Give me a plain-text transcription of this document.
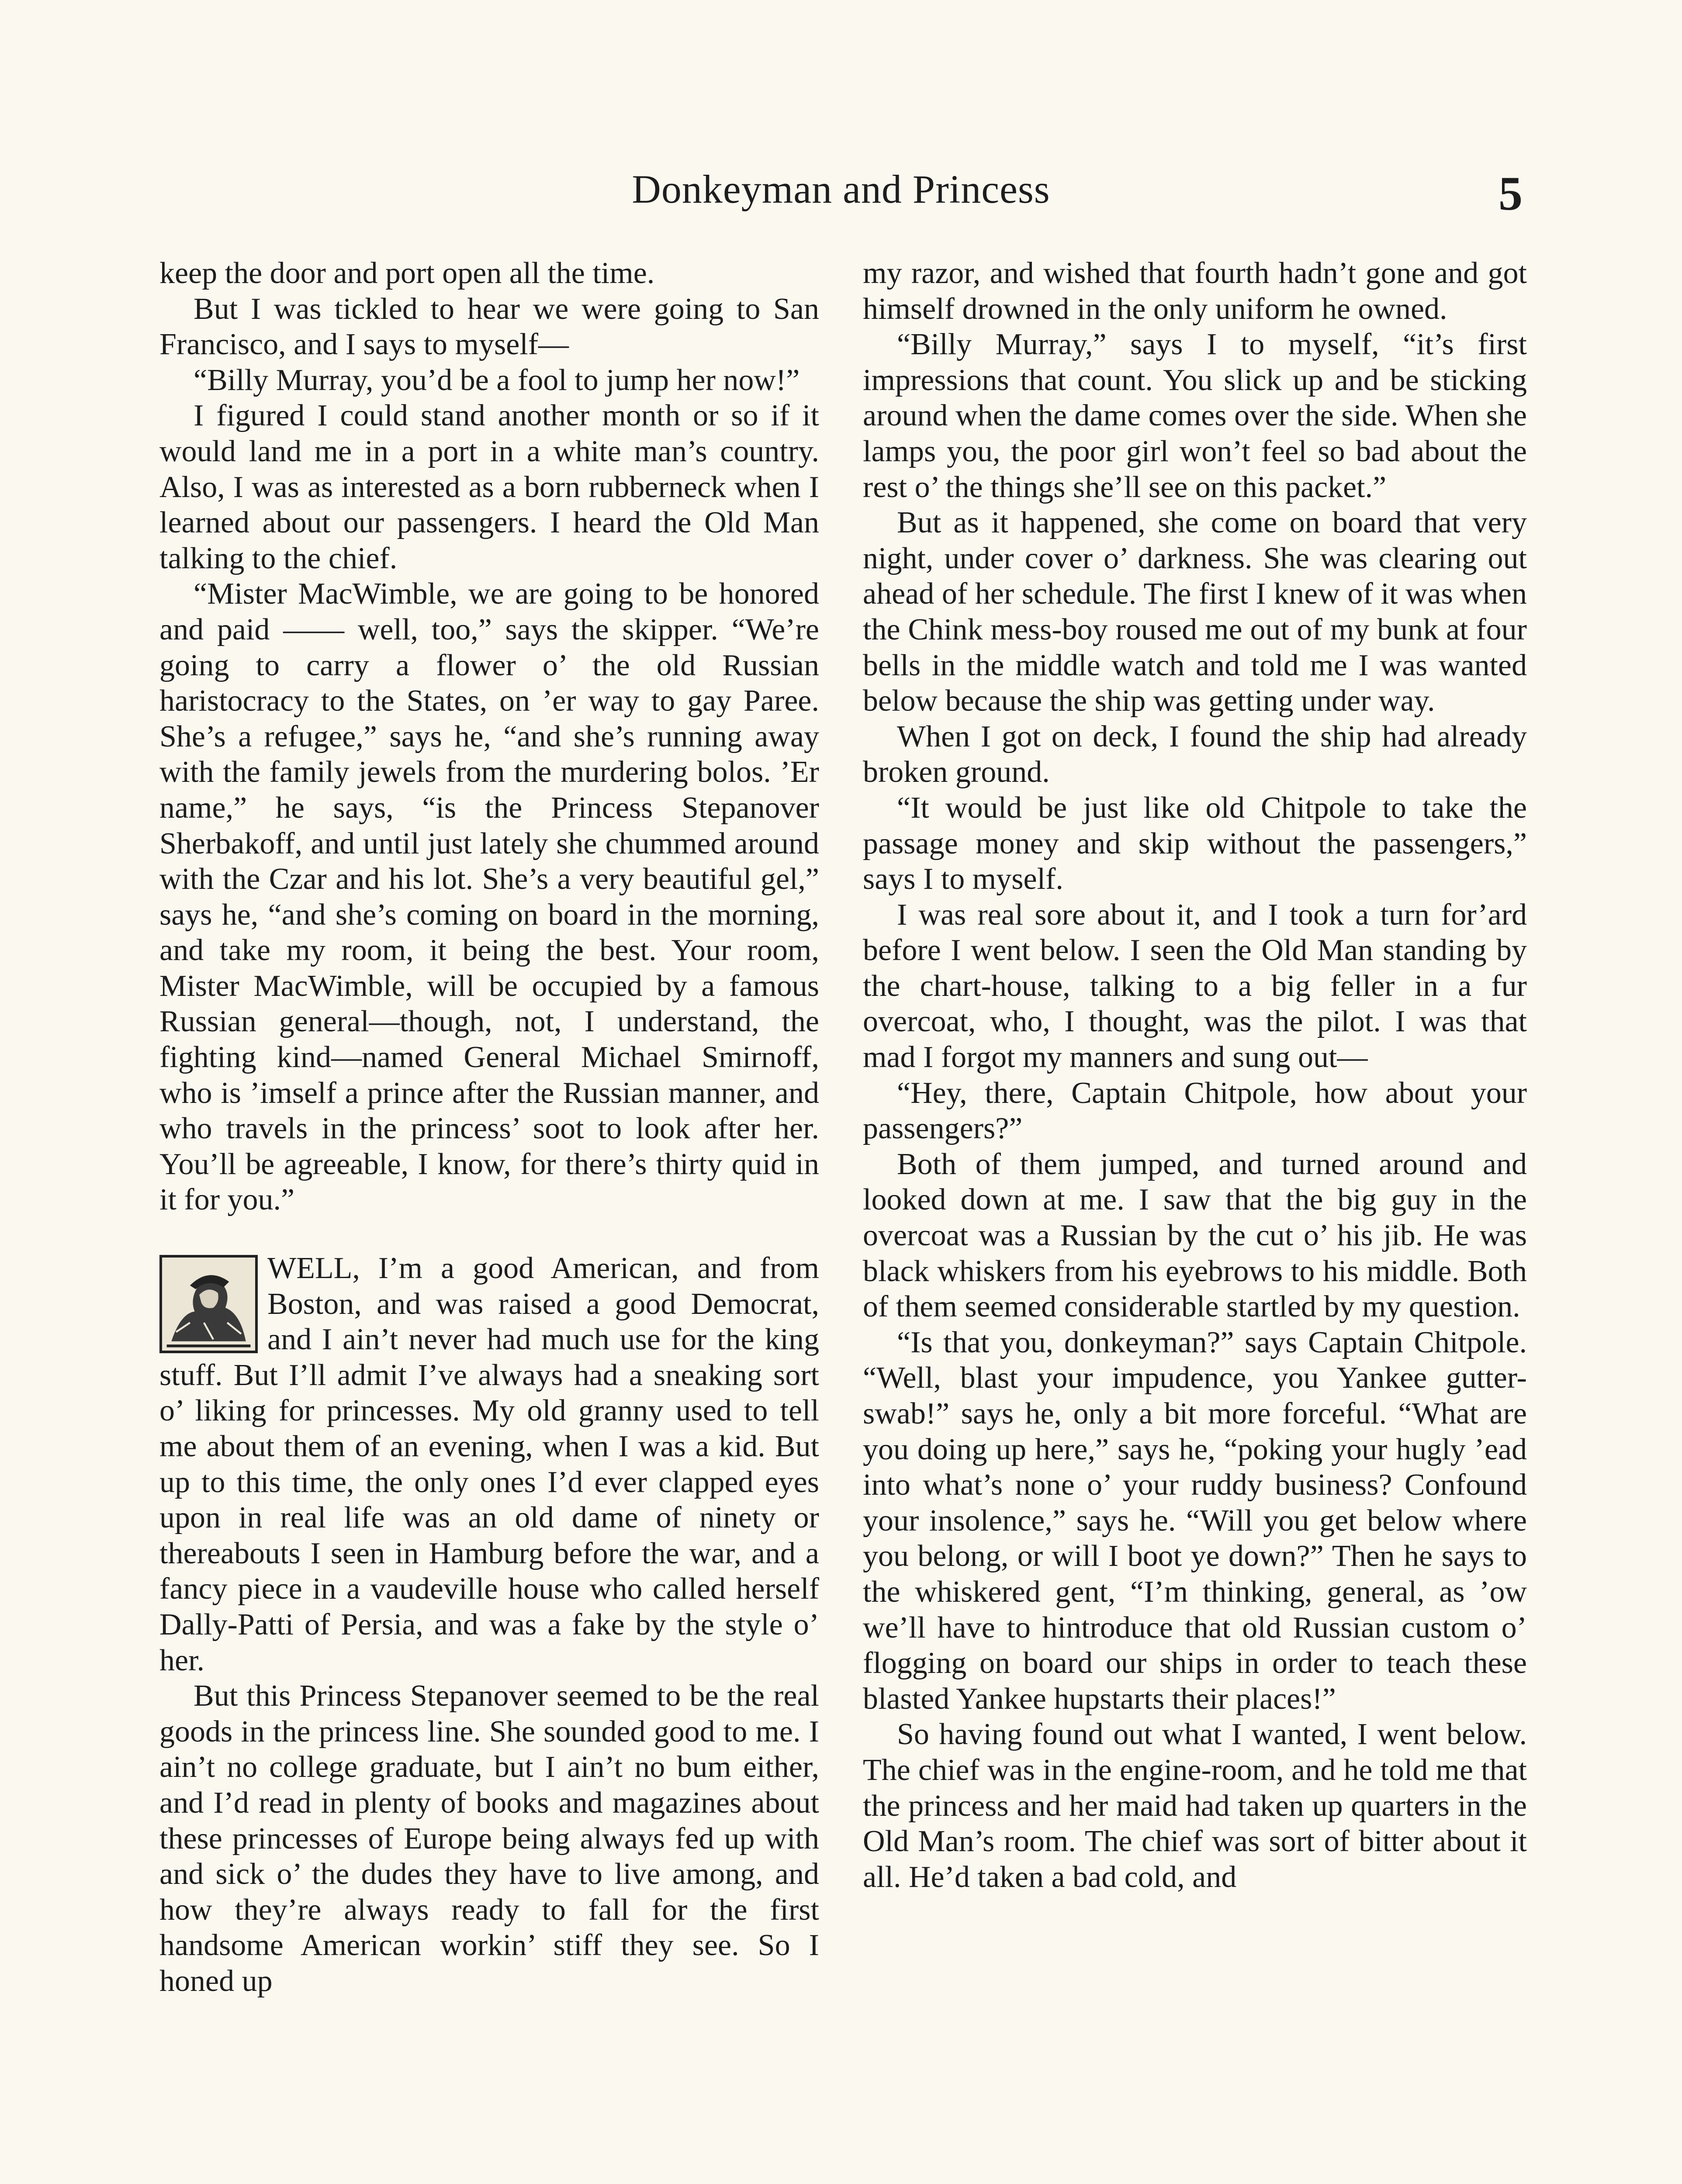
Donkeyman and Princess	5

keep the door and port open all the time.

But I was tickled to hear we were going to San Francisco, and I says to myself—

“Billy Murray, you’d be a fool to jump her now!”

I figured I could stand another month or so if it would land me in a port in a white man’s country. Also, I was as interested as a born rubberneck when I learned about our passengers. I heard the Old Man talking to the chief.

“Mister MacWimble, we are going to be honored and paid —— well, too,” says the skipper. “We’re going to carry a flower o’ the old Russian haristocracy to the States, on ’er way to gay Paree. She’s a refugee,” says he, “and she’s running away with the family jewels from the murdering bolos. ’Er name,” he says, “is the Princess Stepanover Sherbakoff, and until just lately she chummed around with the Czar and his lot. She’s a very beautiful gel,” says he, “and she’s coming on board in the morning, and take my room, it being the best. Your room, Mister MacWimble, will be occupied by a famous Russian general—though, not, I understand, the fighting kind—named General Michael Smirnoff, who is ’imself a prince after the Russian manner, and who travels in the princess’ soot to look after her. You’ll be agreeable, I know, for there’s thirty quid in it for you.”

WELL, I’m a good American, and from Boston, and was raised a good Democrat, and I ain’t never had much use for the king stuff. But I’ll admit I’ve always had a sneaking sort o’ liking for princesses. My old granny used to tell me about them of an evening, when I was a kid. But up to this time, the only ones I’d ever clapped eyes upon in real life was an old dame of ninety or thereabouts I seen in Hamburg before the war, and a fancy piece in a vaudeville house who called herself Dally-Patti of Persia, and was a fake by the style o’ her.

But this Princess Stepanover seemed to be the real goods in the princess line. She sounded good to me. I ain’t no college graduate, but I ain’t no bum either, and I’d read in plenty of books and magazines about these princesses of Europe being always fed up with and sick o’ the dudes they have to live among, and how they’re always ready to fall for the first handsome American workin’ stiff they see. So I honed up

my razor, and wished that fourth hadn’t gone and got himself drowned in the only uniform he owned.

“Billy Murray,” says I to myself, “it’s first impressions that count. You slick up and be sticking around when the dame comes over the side. When she lamps you, the poor girl won’t feel so bad about the rest o’ the things she’ll see on this packet.”

But as it happened, she come on board that very night, under cover o’ darkness. She was clearing out ahead of her schedule. The first I knew of it was when the Chink mess-boy roused me out of my bunk at four bells in the middle watch and told me I was wanted below because the ship was getting under way.

When I got on deck, I found the ship had already broken ground.

“It would be just like old Chitpole to take the passage money and skip without the passengers,” says I to myself.

I was real sore about it, and I took a turn for’ard before I went below. I seen the Old Man standing by the chart-house, talking to a big feller in a fur overcoat, who, I thought, was the pilot. I was that mad I forgot my manners and sung out—

“Hey, there, Captain Chitpole, how about your passengers?”

Both of them jumped, and turned around and looked down at me. I saw that the big guy in the overcoat was a Russian by the cut o’ his jib. He was black whiskers from his eyebrows to his middle. Both of them seemed considerable startled by my question.

“Is that you, donkeyman?” says Captain Chitpole. “Well, blast your impudence, you Yankee gutter-swab!” says he, only a bit more forceful. “What are you doing up here,” says he, “poking your hugly ’ead into what’s none o’ your ruddy business? Confound your insolence,” says he. “Will you get below where you belong, or will I boot ye down?” Then he says to the whiskered gent, “I’m thinking, general, as ’ow we’ll have to hintroduce that old Russian custom o’ flogging on board our ships in order to teach these blasted Yankee hupstarts their places!”

So having found out what I wanted, I went below. The chief was in the engine-room, and he told me that the princess and her maid had taken up quarters in the Old Man’s room. The chief was sort of bitter about it all. He’d taken a bad cold, and
